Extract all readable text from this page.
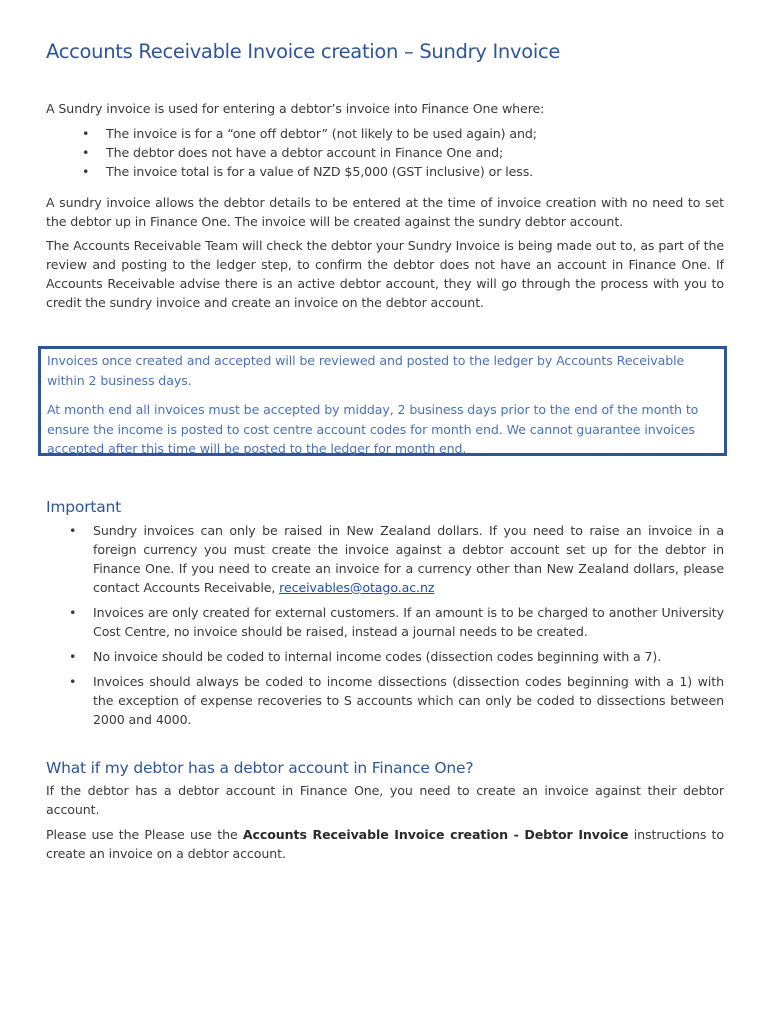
Accounts Receivable Invoice creation – Sundry Invoice

A Sundry invoice is used for entering a debtor’s invoice into Finance One where:

• The invoice is for a “one off debtor” (not likely to be used again) and;
• The debtor does not have a debtor account in Finance One and;
• The invoice total is for a value of NZD $5,000 (GST inclusive) or less.

A sundry invoice allows the debtor details to be entered at the time of invoice creation with no need to set the debtor up in Finance One. The invoice will be created against the sundry debtor account.

The Accounts Receivable Team will check the debtor your Sundry Invoice is being made out to, as part of the review and posting to the ledger step, to confirm the debtor does not have an account in Finance One. If Accounts Receivable advise there is an active debtor account, they will go through the process with you to credit the sundry invoice and create an invoice on the debtor account.

Invoices once created and accepted will be reviewed and posted to the ledger by Accounts Receivable within 2 business days.

At month end all invoices must be accepted by midday, 2 business days prior to the end of the month to ensure the income is posted to cost centre account codes for month end. We cannot guarantee invoices accepted after this time will be posted to the ledger for month end.

Important
• Sundry invoices can only be raised in New Zealand dollars. If you need to raise an invoice in a foreign currency you must create the invoice against a debtor account set up for the debtor in Finance One. If you need to create an invoice for a currency other than New Zealand dollars, please contact Accounts Receivable, receivables@otago.ac.nz
• Invoices are only created for external customers. If an amount is to be charged to another University Cost Centre, no invoice should be raised, instead a journal needs to be created.
• No invoice should be coded to internal income codes (dissection codes beginning with a 7).
• Invoices should always be coded to income dissections (dissection codes beginning with a 1) with the exception of expense recoveries to S accounts which can only be coded to dissections between 2000 and 4000.
What if my debtor has a debtor account in Finance One?

If the debtor has a debtor account in Finance One, you need to create an invoice against their debtor account.

Please use the Please use the Accounts Receivable Invoice creation - Debtor Invoice instructions to create an invoice on a debtor account.
